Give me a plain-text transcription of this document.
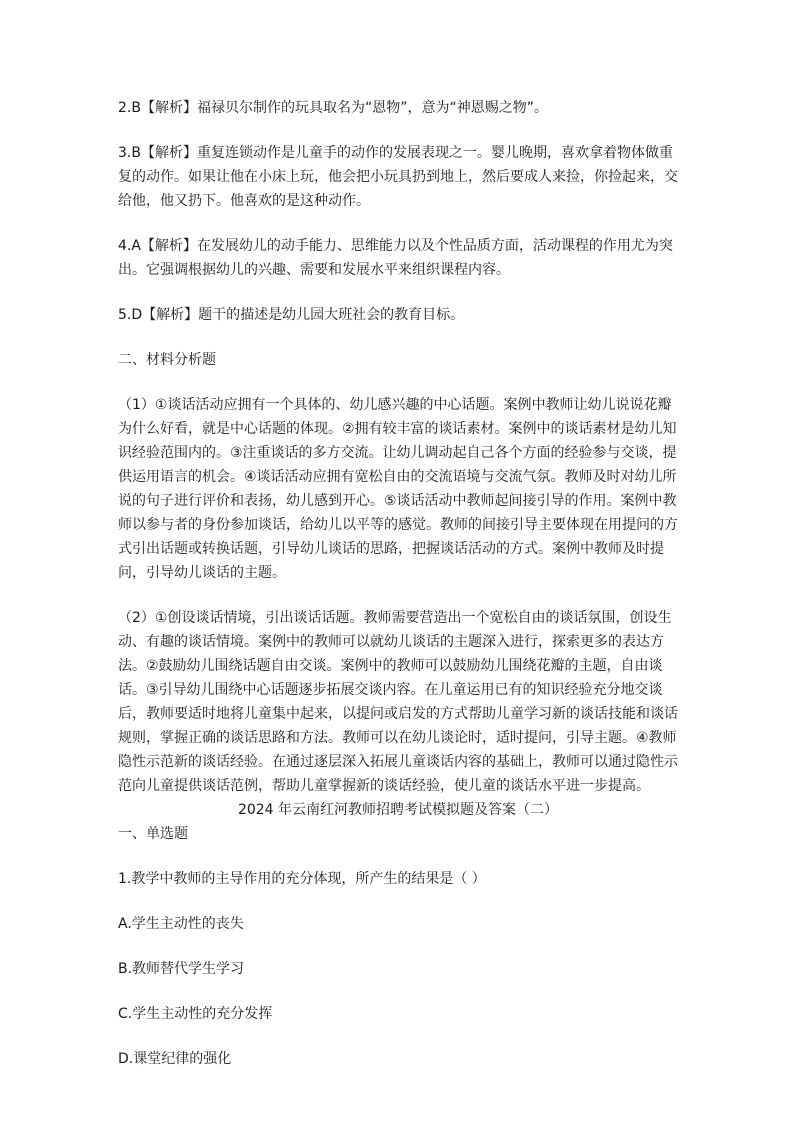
2.B【解析】福禄贝尔制作的玩具取名为“恩物”，意为“神恩赐之物”。

3.B【解析】重复连锁动作是儿童手的动作的发展表现之一。婴儿晚期，喜欢拿着物体做重复的动作。如果让他在小床上玩，他会把小玩具扔到地上，然后要成人来捡，你捡起来，交给他，他又扔下。他喜欢的是这种动作。

4.A【解析】在发展幼儿的动手能力、思维能力以及个性品质方面，活动课程的作用尤为突出。它强调根据幼儿的兴趣、需要和发展水平来组织课程内容。

5.D【解析】题干的描述是幼儿园大班社会的教育目标。

二、材料分析题

（1）①谈话活动应拥有一个具体的、幼儿感兴趣的中心话题。案例中教师让幼儿说说花瓣为什么好看，就是中心话题的体现。②拥有较丰富的谈话素材。案例中的谈话素材是幼儿知识经验范围内的。③注重谈话的多方交流。让幼儿调动起自己各个方面的经验参与交谈，提供运用语言的机会。④谈话活动应拥有宽松自由的交流语境与交流气氛。教师及时对幼儿所说的句子进行评价和表扬，幼儿感到开心。⑤谈话活动中教师起间接引导的作用。案例中教师以参与者的身份参加谈话，给幼儿以平等的感觉。教师的间接引导主要体现在用提问的方式引出话题或转换话题，引导幼儿谈话的思路，把握谈话活动的方式。案例中教师及时提问，引导幼儿谈话的主题。

（2）①创设谈话情境，引出谈话话题。教师需要营造出一个宽松自由的谈话氛围，创设生动、有趣的谈话情境。案例中的教师可以就幼儿谈话的主题深入进行，探索更多的表达方法。②鼓励幼儿围绕话题自由交谈。案例中的教师可以鼓励幼儿围绕花瓣的主题，自由谈话。③引导幼儿围绕中心话题逐步拓展交谈内容。在儿童运用已有的知识经验充分地交谈后，教师要适时地将儿童集中起来，以提问或启发的方式帮助儿童学习新的谈话技能和谈话规则，掌握正确的谈话思路和方法。教师可以在幼儿谈论时，适时提问，引导主题。④教师隐性示范新的谈话经验。在通过逐层深入拓展儿童谈话内容的基础上，教师可以通过隐性示范向儿童提供谈话范例，帮助儿童掌握新的谈话经验，使儿童的谈话水平进一步提高。

2024 年云南红河教师招聘考试模拟题及答案（二）

一、单选题

1.教学中教师的主导作用的充分体现，所产生的结果是（ ）

A.学生主动性的丧失

B.教师替代学生学习

C.学生主动性的充分发挥

D.课堂纪律的强化
